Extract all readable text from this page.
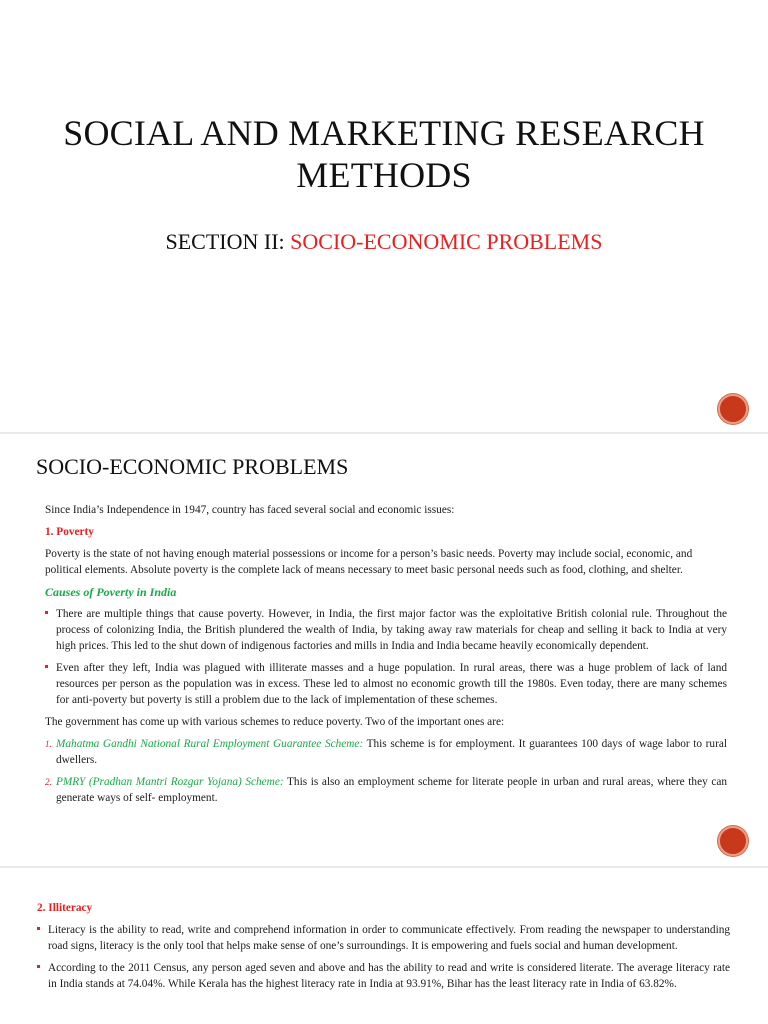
SOCIAL AND MARKETING RESEARCH METHODS
SECTION II: SOCIO-ECONOMIC PROBLEMS
SOCIO-ECONOMIC PROBLEMS

Since India’s Independence in 1947, country has faced several social and economic issues:

1. Poverty

Poverty is the state of not having enough material possessions or income for a person’s basic needs. Poverty may include social, economic, and political elements. Absolute poverty is the complete lack of means necessary to meet basic personal needs such as food, clothing, and shelter.

Causes of Poverty in India

There are multiple things that cause poverty. However, in India, the first major factor was the exploitative British colonial rule. Throughout the process of colonizing India, the British plundered the wealth of India, by taking away raw materials for cheap and selling it back to India at very high prices. This led to the shut down of indigenous factories and mills in India and India became heavily economically dependent.
Even after they left, India was plagued with illiterate masses and a huge population. In rural areas, there was a huge problem of lack of land resources per person as the population was in excess. These led to almost no economic growth till the 1980s. Even today, there are many schemes for anti-poverty but poverty is still a problem due to the lack of implementation of these schemes.

The government has come up with various schemes to reduce poverty. Two of the important ones are:

1. Mahatma Gandhi National Rural Employment Guarantee Scheme: This scheme is for employment. It guarantees 100 days of wage labor to rural dwellers.
2. PMRY (Pradhan Mantri Rozgar Yojana) Scheme: This is also an employment scheme for literate people in urban and rural areas, where they can generate ways of self- employment.

2. Illiteracy

Literacy is the ability to read, write and comprehend information in order to communicate effectively. From reading the newspaper to understanding road signs, literacy is the only tool that helps make sense of one’s surroundings. It is empowering and fuels social and human development.
According to the 2011 Census, any person aged seven and above and has the ability to read and write is considered literate. The average literacy rate in India stands at 74.04%. While Kerala has the highest literacy rate in India at 93.91%, Bihar has the least literacy rate in India of 63.82%.
